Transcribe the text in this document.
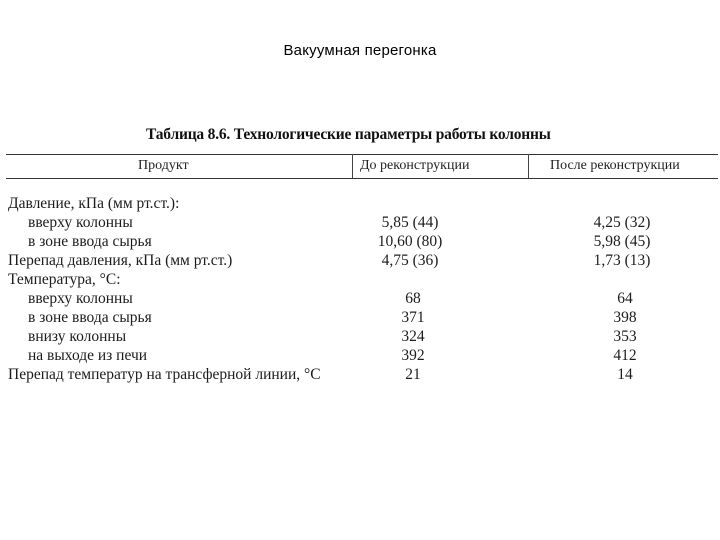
Вакуумная перегонка
Таблица 8.6. Технологические параметры работы колонны
Продукт	До реконструкции	После реконструкции
Давление, кПа (мм рт.ст.):
вверху колонны	5,85 (44)	4,25 (32)
в зоне ввода сырья	10,60 (80)	5,98 (45)
Перепад давления, кПа (мм рт.ст.)	4,75 (36)	1,73 (13)
Температура, °С:
вверху колонны	68	64
в зоне ввода сырья	371	398
внизу колонны	324	353
на выходе из печи	392	412
Перепад температур на трансферной линии, °С	21	14
